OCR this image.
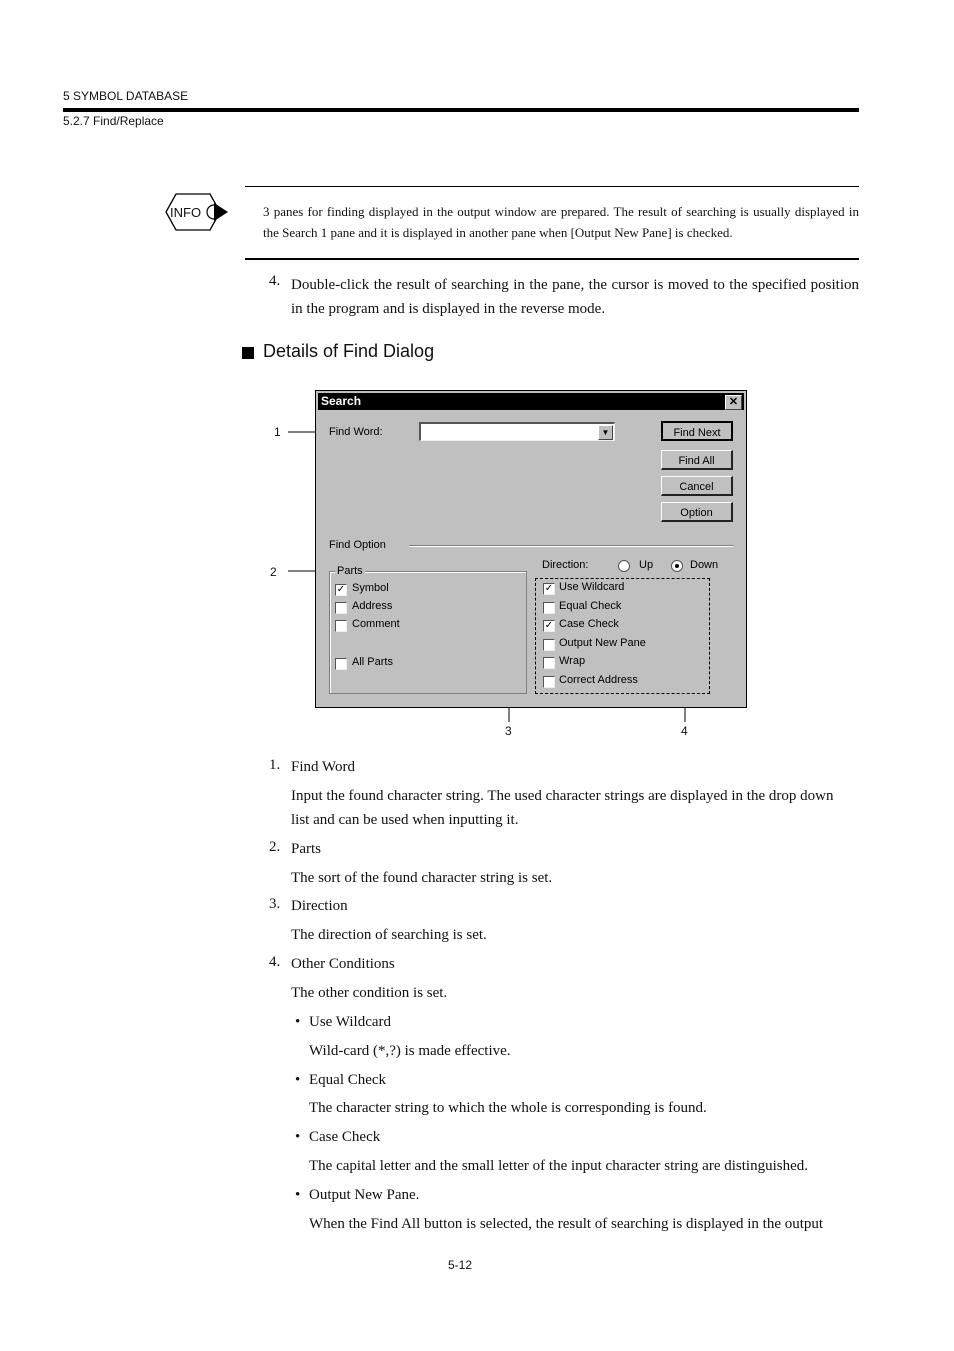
5 SYMBOL DATABASE
5.2.7 Find/Replace
INFO	3 panes for finding displayed in the output window are prepared. The result of searching is usually displayed in the Search 1 pane and it is displayed in another pane when [Output New Pane] is checked.
4. Double-click the result of searching in the pane, the cursor is moved to the specified position in the program and is displayed in the reverse mode.
Details of Find Dialog
1
2
3	4
Search	✕
Find Word:	▼	Find Next
Find All
Cancel
Option
Find Option
Parts
✓ Symbol
Address
Comment
All Parts
Direction:	Up	Down
✓ Use Wildcard
Equal Check
✓ Case Check
Output New Pane
Wrap
Correct Address
1. Find Word
Input the found character string. The used character strings are displayed in the drop down list and can be used when inputting it.
2. Parts
The sort of the found character string is set.
3. Direction
The direction of searching is set.
4. Other Conditions
The other condition is set.
• Use Wildcard
Wild-card (*,?) is made effective.
• Equal Check
The character string to which the whole is corresponding is found.
• Case Check
The capital letter and the small letter of the input character string are distinguished.
• Output New Pane.
When the Find All button is selected, the result of searching is displayed in the output
5-12
